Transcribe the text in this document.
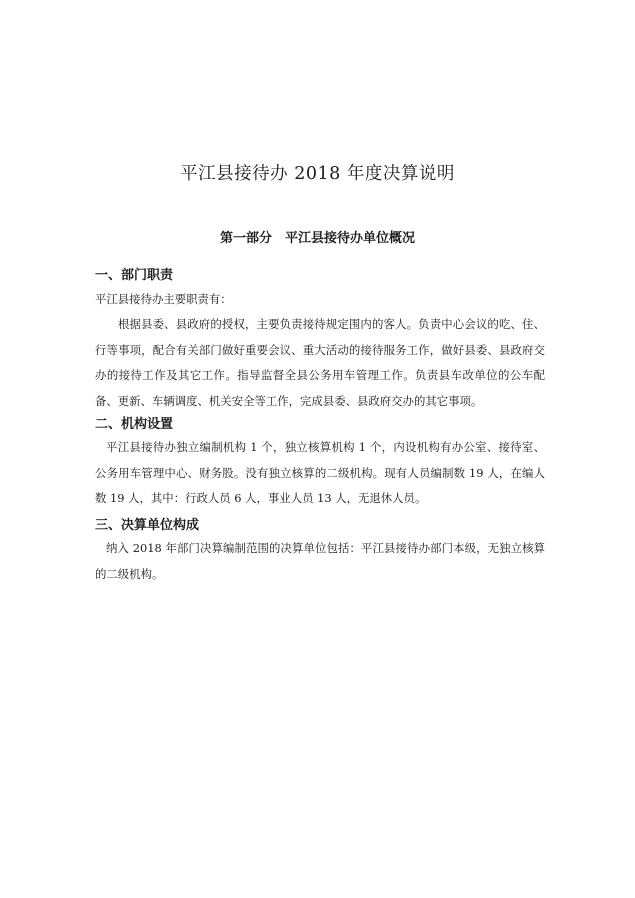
平江县接待办 2018 年度决算说明
第一部分　平江县接待办单位概况
一、部门职责
平江县接待办主要职责有：
根据县委、县政府的授权，主要负责接待规定围内的客人。负责中心会议的吃、住、行等事项，配合有关部门做好重要会议、重大活动的接待服务工作，做好县委、县政府交办的接待工作及其它工作。指导监督全县公务用车管理工作。负责县车改单位的公车配备、更新、车辆调度、机关安全等工作，完成县委、县政府交办的其它事项。
二、机构设置
平江县接待办独立编制机构 1 个，独立核算机构 1 个，内设机构有办公室、接待室、公务用车管理中心、财务股。没有独立核算的二级机构。现有人员编制数 19 人，在编人数 19 人，其中：行政人员 6 人，事业人员 13 人，无退休人员。
三、决算单位构成
纳入 2018 年部门决算编制范围的决算单位包括：平江县接待办部门本级，无独立核算的二级机构。
